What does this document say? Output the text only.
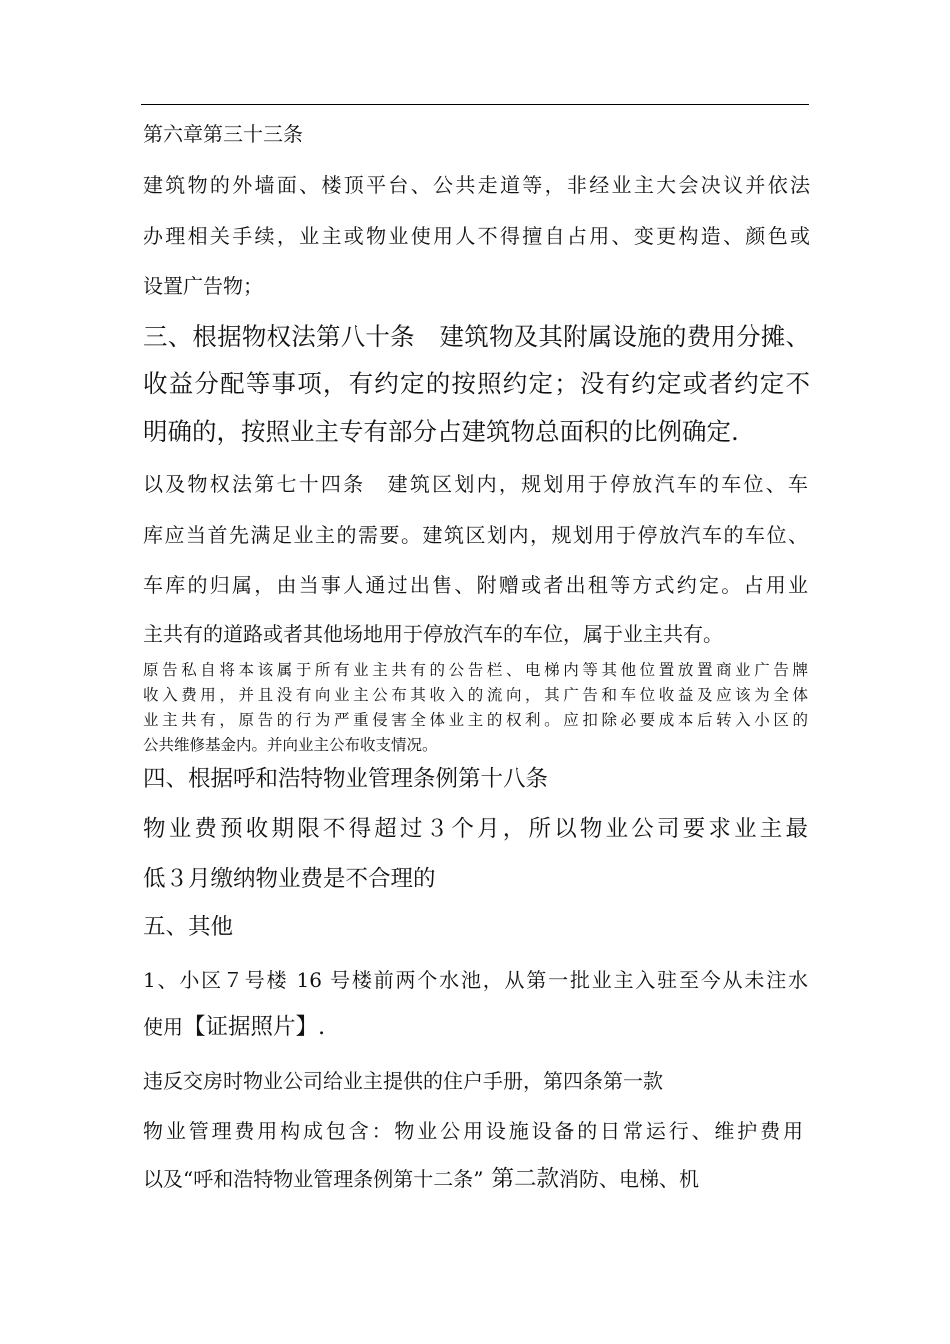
第六章第三十三条
建筑物的外墙面、楼顶平台、公共走道等，非经业主大会决议并依法
办理相关手续，业主或物业使用人不得擅自占用、变更构造、颜色或
设置广告物；
三、根据物权法第八十条　建筑物及其附属设施的费用分摊、
收益分配等事项，有约定的按照约定；没有约定或者约定不
明确的，按照业主专有部分占建筑物总面积的比例确定.
以及物权法第七十四条　建筑区划内，规划用于停放汽车的车位、车
库应当首先满足业主的需要。建筑区划内，规划用于停放汽车的车位、
车库的归属，由当事人通过出售、附赠或者出租等方式约定。占用业
主共有的道路或者其他场地用于停放汽车的车位，属于业主共有。
原告私自将本该属于所有业主共有的公告栏、电梯内等其他位置放置商业广告牌
收入费用，并且没有向业主公布其收入的流向，其广告和车位收益及应该为全体
业主共有，原告的行为严重侵害全体业主的权利。应扣除必要成本后转入小区的
公共维修基金内。并向业主公布收支情况。
四、根据呼和浩特物业管理条例第十八条
物业费预收期限不得超过３个月，所以物业公司要求业主最
低３月缴纳物业费是不合理的
五、其他
1、小区７号楼 16 号楼前两个水池，从第一批业主入驻至今从未注水
使用【证据照片】.
违反交房时物业公司给业主提供的住户手册，第四条第一款
物业管理费用构成包含：物业公用设施设备的日常运行、维护费用
以及“呼和浩特物业管理条例第十二条” 第二款消防、电梯、机
